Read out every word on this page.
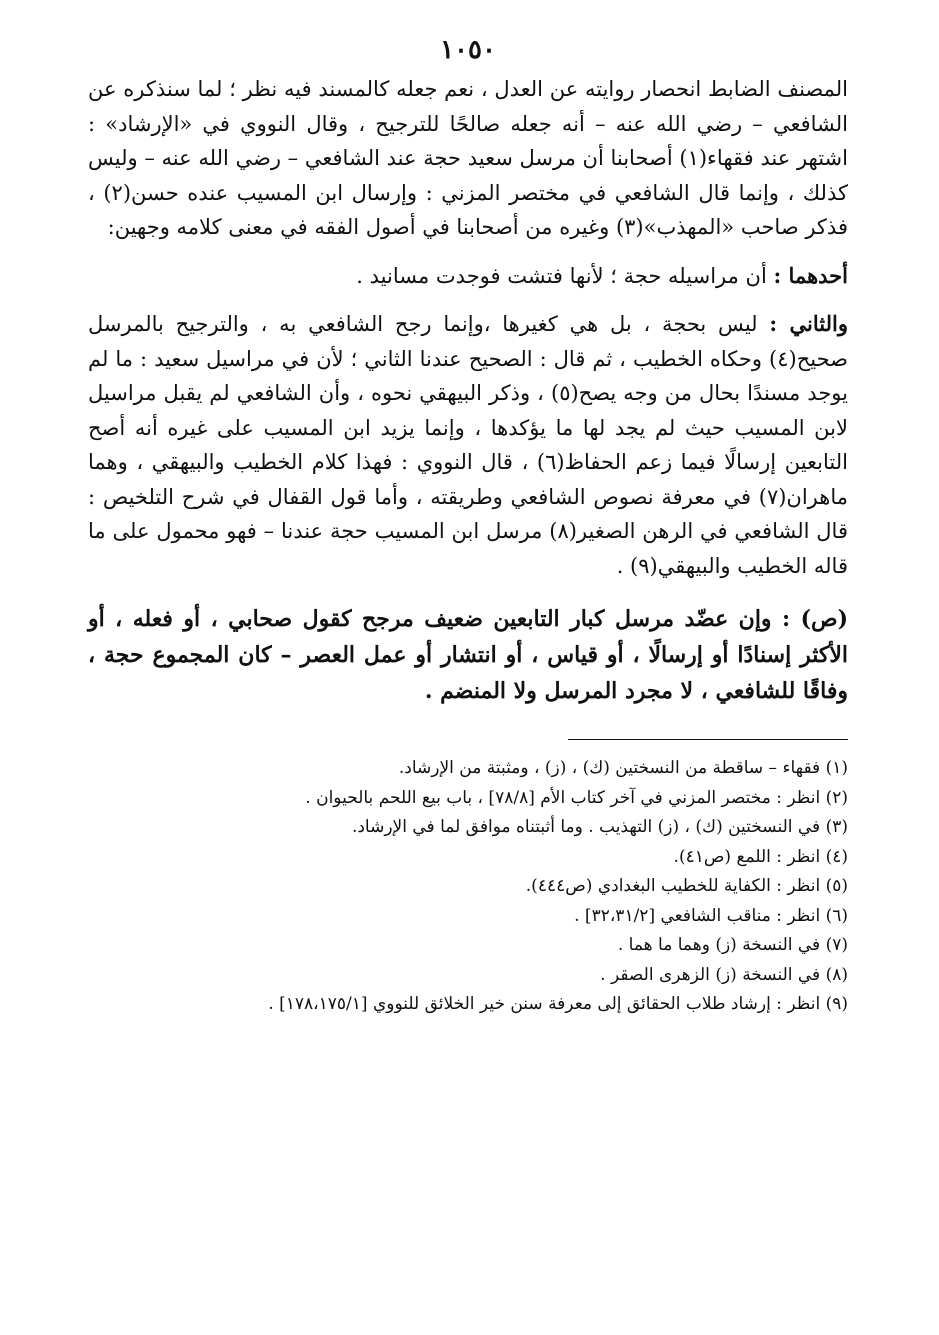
١٠٥٠

المصنف الضابط انحصار روايته عن العدل ، نعم جعله كالمسند فيه نظر ؛ لما سنذكره عن الشافعي – رضي الله عنه – أنه جعله صالحًا للترجيح ، وقال النووي في «الإرشاد» : اشتهر عند فقهاء(١) أصحابنا أن مرسل سعيد حجة عند الشافعي – رضي الله عنه – وليس كذلك ، وإنما قال الشافعي في مختصر المزني : وإرسال ابن المسيب عنده حسن(٢) ، فذكر صاحب «المهذب»(٣) وغيره من أصحابنا في أصول الفقه في معنى كلامه وجهين:

أحدهما : أن مراسيله حجة ؛ لأنها فتشت فوجدت مسانيد .

والثاني : ليس بحجة ، بل هي كغيرها ،وإنما رجح الشافعي به ، والترجيح بالمرسل صحيح(٤) وحكاه الخطيب ، ثم قال : الصحيح عندنا الثاني ؛ لأن في مراسيل سعيد : ما لم يوجد مسندًا بحال من وجه يصح(٥) ، وذكر البيهقي نحوه ، وأن الشافعي لم يقبل مراسيل لابن المسيب حيث لم يجد لها ما يؤكدها ، وإنما يزيد ابن المسيب على غيره أنه أصح التابعين إرسالًا فيما زعم الحفاظ(٦) ، قال النووي : فهذا كلام الخطيب والبيهقي ، وهما ماهران(٧) في معرفة نصوص الشافعي وطريقته ، وأما قول القفال في شرح التلخيص : قال الشافعي في الرهن الصغير(٨) مرسل ابن المسيب حجة عندنا – فهو محمول على ما قاله الخطيب والبيهقي(٩) .

(ص) : وإن عضّد مرسل كبار التابعين ضعيف مرجح كقول صحابي ، أو فعله ، أو الأكثر إسنادًا أو إرسالًا ، أو قياس ، أو انتشار أو عمل العصر – كان المجموع حجة ، وفاقًا للشافعي ، لا مجرد المرسل ولا المنضم .

(١) فقهاء – ساقطة من النسختين (ك) ، (ز) ، ومثبتة من الإرشاد.

(٢) انظر : مختصر المزني في آخر كتاب الأم [٧٨/٨] ، باب بيع اللحم بالحيوان .

(٣) في النسختين (ك) ، (ز) التهذيب . وما أثبتناه موافق لما في الإرشاد.

(٤) انظر : اللمع (ص٤١).

(٥) انظر : الكفاية للخطيب البغدادي (ص٤٤٤).

(٦) انظر : مناقب الشافعي [٣٢،٣١/٢] .

(٧) في النسخة (ز) وهما ما هما .

(٨) في النسخة (ز) الزهرى الصقر .

(٩) انظر : إرشاد طلاب الحقائق إلى معرفة سنن خير الخلائق للنووي [١٧٨،١٧٥/١] .
